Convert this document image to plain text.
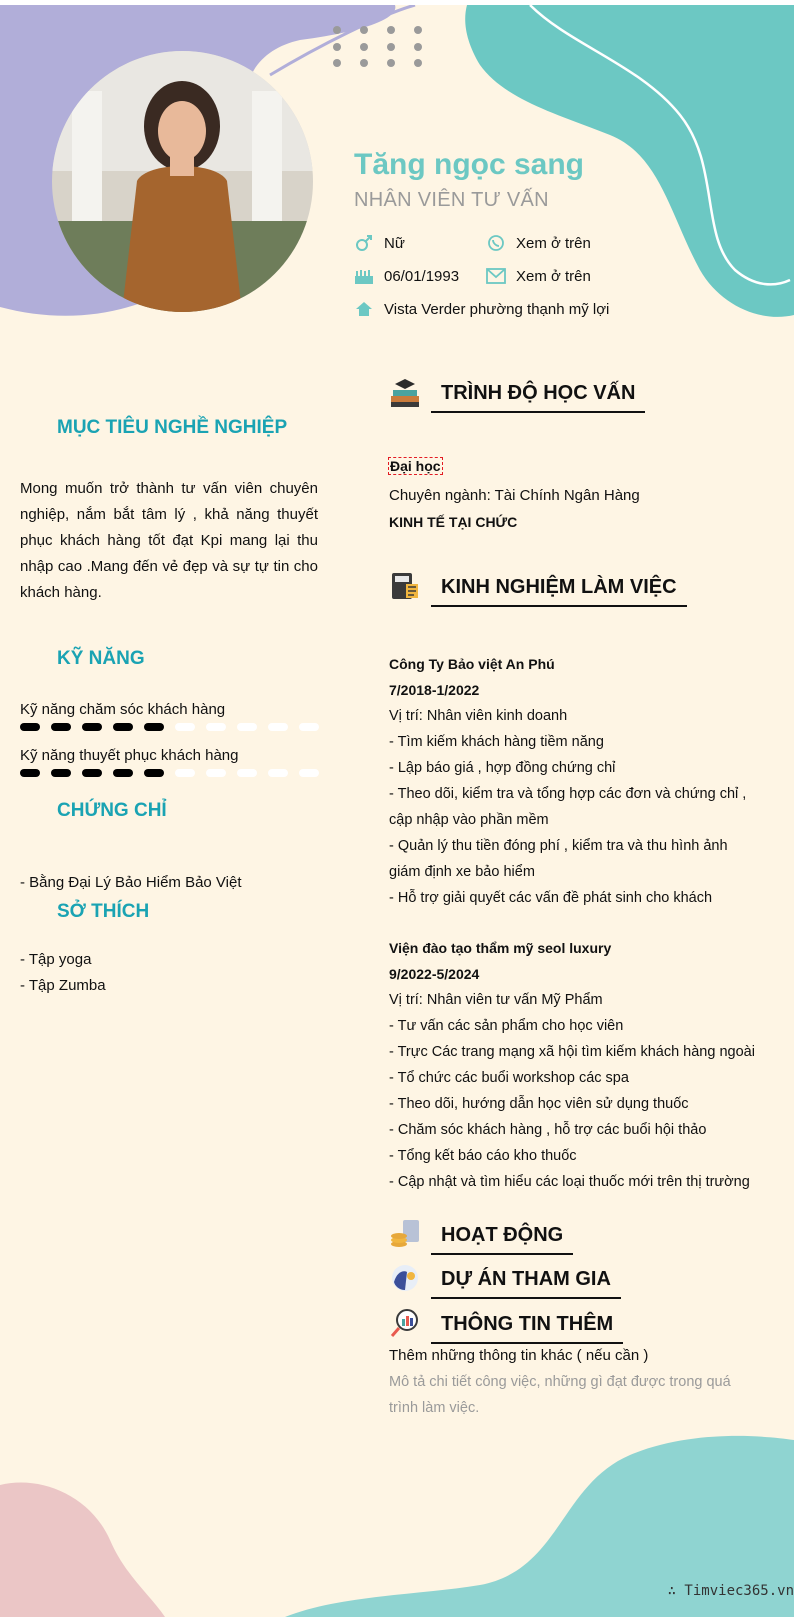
Tăng ngọc sang
NHÂN VIÊN TƯ VẤN
Nữ	Xem ở trên
06/01/1993	Xem ở trên
Vista Verder phường thạnh mỹ lợi
MỤC TIÊU NGHỀ NGHIỆP
Mong muốn trở thành tư vấn viên chuyên nghiệp, nắm bắt tâm lý , khả năng thuyết phục khách hàng tốt đạt Kpi mang lại thu nhập cao .Mang đến vẻ đẹp và sự tự tin cho khách hàng.
KỸ NĂNG
Kỹ năng chăm sóc khách hàng
Kỹ năng thuyết phục khách hàng
CHỨNG CHỈ
- Bằng Đại Lý Bảo Hiểm Bảo Việt
SỞ THÍCH
- Tập yoga
- Tập Zumba
TRÌNH ĐỘ HỌC VẤN
Đại học
Chuyên ngành: Tài Chính Ngân Hàng
KINH TẾ TẠI CHỨC
KINH NGHIỆM LÀM VIỆC
Công Ty Bảo việt An Phú
7/2018-1/2022
Vị trí: Nhân viên kinh doanh
- Tìm kiếm khách hàng tiềm năng
- Lập báo giá , hợp đồng chứng chỉ
- Theo dõi, kiểm tra và tổng hợp các đơn và chứng chỉ , cập nhập vào phần mềm
- Quản lý thu tiền đóng phí , kiểm tra và thu hình ảnh giám định xe bảo hiểm
- Hỗ trợ giải quyết các vấn đề phát sinh cho khách
Viện đào tạo thẩm mỹ seol luxury
9/2022-5/2024
Vị trí: Nhân viên tư vấn Mỹ Phẩm
- Tư vấn các sản phẩm cho học viên
- Trực Các trang mạng xã hội tìm kiếm khách hàng ngoài
- Tổ chức các buổi workshop các spa
- Theo dõi, hướng dẫn học viên sử dụng thuốc
- Chăm sóc khách hàng , hỗ trợ các buổi hội thảo
- Tổng kết báo cáo kho thuốc
- Cập nhật và tìm hiểu các loại thuốc mới trên thị trường
HOẠT ĐỘNG
DỰ ÁN THAM GIA
THÔNG TIN THÊM
Thêm những thông tin khác ( nếu cần )
Mô tả chi tiết công việc, những gì đạt được trong quá trình làm việc.
∴ Timviec365.vn
